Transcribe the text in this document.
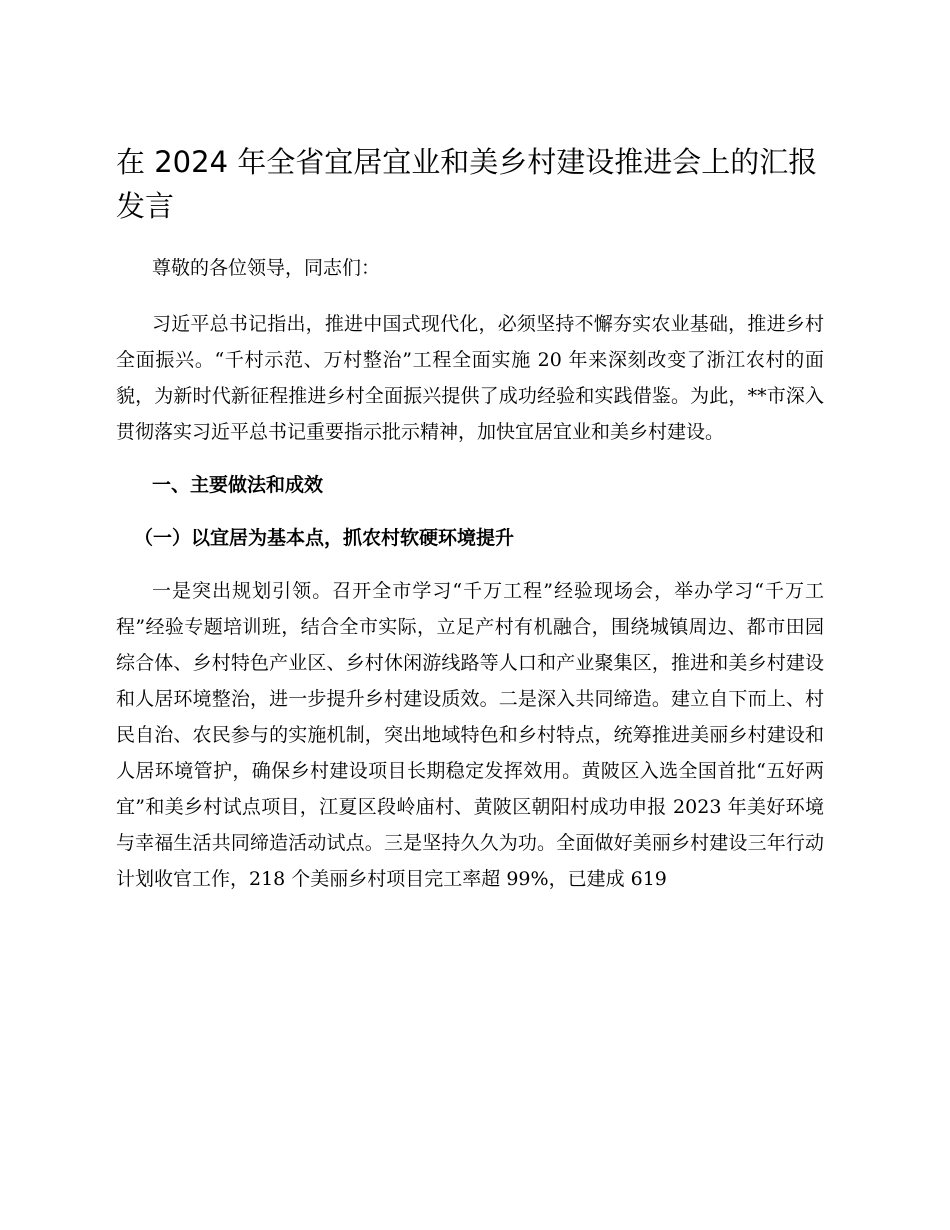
在 2024 年全省宜居宜业和美乡村建设推进会上的汇报发言

尊敬的各位领导，同志们：

习近平总书记指出，推进中国式现代化，必须坚持不懈夯实农业基础，推进乡村全面振兴。“千村示范、万村整治”工程全面实施 20 年来深刻改变了浙江农村的面貌，为新时代新征程推进乡村全面振兴提供了成功经验和实践借鉴。为此，**市深入贯彻落实习近平总书记重要指示批示精神，加快宜居宜业和美乡村建设。

一、主要做法和成效

（一）以宜居为基本点，抓农村软硬环境提升

一是突出规划引领。召开全市学习“千万工程”经验现场会，举办学习“千万工程”经验专题培训班，结合全市实际，立足产村有机融合，围绕城镇周边、都市田园综合体、乡村特色产业区、乡村休闲游线路等人口和产业聚集区，推进和美乡村建设和人居环境整治，进一步提升乡村建设质效。二是深入共同缔造。建立自下而上、村民自治、农民参与的实施机制，突出地域特色和乡村特点，统筹推进美丽乡村建设和人居环境管护，确保乡村建设项目长期稳定发挥效用。黄陂区入选全国首批“五好两宜”和美乡村试点项目，江夏区段岭庙村、黄陂区朝阳村成功申报 2023 年美好环境与幸福生活共同缔造活动试点。三是坚持久久为功。全面做好美丽乡村建设三年行动计划收官工作，218 个美丽乡村项目完工率超 99%，已建成 619
